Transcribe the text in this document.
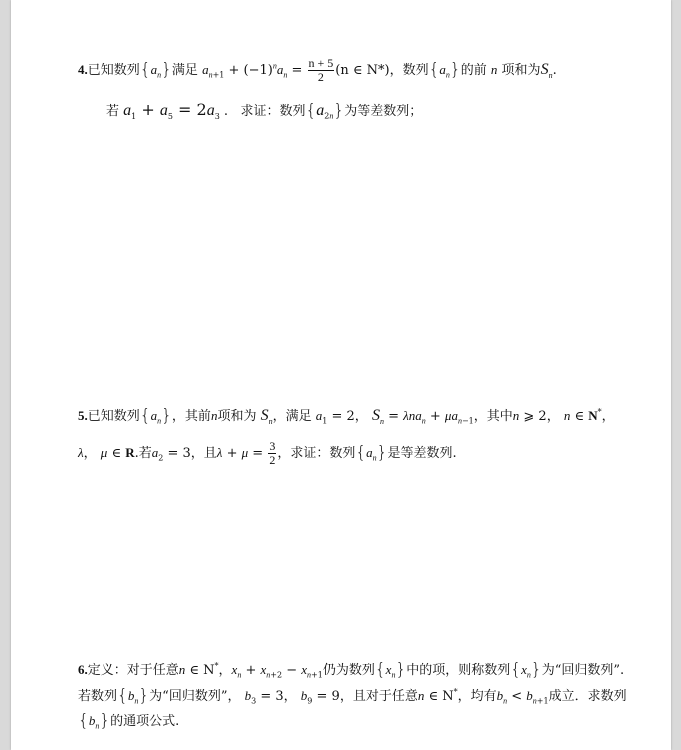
4.已知数列$\{a_n\}$满足 $a_{n+1} + (-1)^na_n = \frac{n + 5}{2} (n$ ∈ N*)，数列$\{a_n\}$的前 n 项和为$S_n$.
若 $a_1 + a_5 = 2a_3$ .   求证：数列$\{a_{2n}\}$为等差数列；
5.已知数列$\{a_n\}$，其前n项和为 $S_n$，满足 $a_1 = 2$， $S_n = \lambda na_n + \mu a_{n-1}$，其中n ⩾ 2， n ∈ N*，
λ， μ ∈ R.若$a_2 = 3$，且$\lambda + \mu = \frac{3}{2}$ ，求证：数列$\{a_n\}$是等差数列.
6.定义：对于任意n ∈ N*，$x_n + x_{n+2} - x_{n+1}$仍为数列$\{x_n\}$中的项，则称数列$\{x_n\}$为“回归数列”.
若数列$\{b_n\}$为“回归数列”， $b_3 = 3$， $b_9 = 9$，且对于任意n ∈ N*，均有$b_n < b_{n+1}$成立．求数列
$\{b_n\}$的通项公式.
